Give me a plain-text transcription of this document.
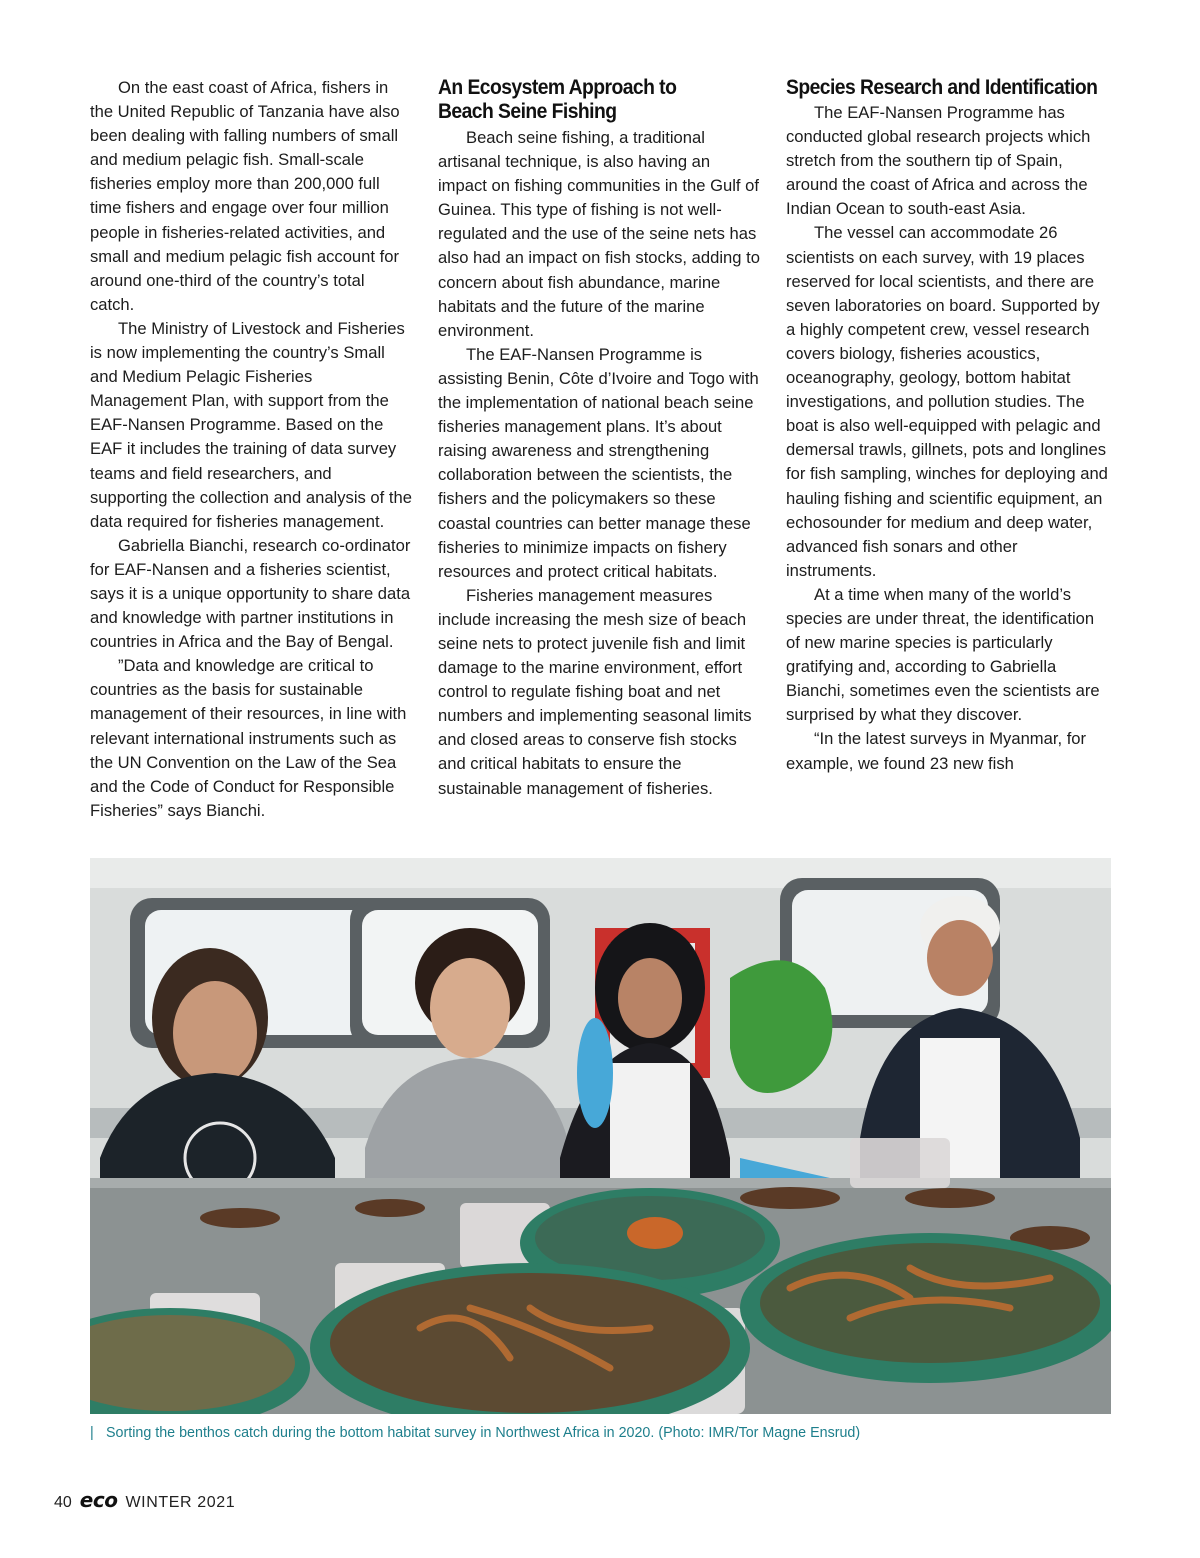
On the east coast of Africa, fishers in the United Republic of Tanzania have also been dealing with falling numbers of small and medium pelagic fish. Small-scale fisheries employ more than 200,000 full time fishers and engage over four million people in fisheries-related activities, and small and medium pelagic fish account for around one-third of the country’s total catch.

The Ministry of Livestock and Fisheries is now implementing the country’s Small and Medium Pelagic Fisheries Management Plan, with support from the EAF-Nansen Programme. Based on the EAF it includes the training of data survey teams and field researchers, and supporting the collection and analysis of the data required for fisheries management.

Gabriella Bianchi, research co-ordinator for EAF-Nansen and a fisheries scientist, says it is a unique opportunity to share data and knowledge with partner institutions in countries in Africa and the Bay of Bengal.

”Data and knowledge are critical to countries as the basis for sustainable management of their resources, in line with relevant international instruments such as the UN Convention on the Law of the Sea and the Code of Conduct for Responsible Fisheries” says Bianchi.

An Ecosystem Approach to Beach Seine Fishing

Beach seine fishing, a traditional artisanal technique, is also having an impact on fishing communities in the Gulf of Guinea. This type of fishing is not well-regulated and the use of the seine nets has also had an impact on fish stocks, adding to concern about fish abundance, marine habitats and the future of the marine environment.

The EAF-Nansen Programme is assisting Benin, Côte d’Ivoire and Togo with the implementation of national beach seine fisheries management plans. It’s about raising awareness and strengthening collaboration between the scientists, the fishers and the policymakers so these coastal countries can better manage these fisheries to minimize impacts on fishery resources and protect critical habitats.

Fisheries management measures include increasing the mesh size of beach seine nets to protect juvenile fish and limit damage to the marine environment, effort control to regulate fishing boat and net numbers and implementing seasonal limits and closed areas to conserve fish stocks and critical habitats to ensure the sustainable management of fisheries.

Species Research and Identification

The EAF-Nansen Programme has conducted global research projects which stretch from the southern tip of Spain, around the coast of Africa and across the Indian Ocean to south-east Asia.

The vessel can accommodate 26 scientists on each survey, with 19 places reserved for local scientists, and there are seven laboratories on board. Supported by a highly competent crew, vessel research covers biology, fisheries acoustics, oceanography, geology, bottom habitat investigations, and pollution studies. The boat is also well-equipped with pelagic and demersal trawls, gillnets, pots and longlines for fish sampling, winches for deploying and hauling fishing and scientific equipment, an echosounder for medium and deep water, advanced fish sonars and other instruments.

At a time when many of the world’s species are under threat, the identification of new marine species is particularly gratifying and, according to Gabriella Bianchi, sometimes even the scientists are surprised by what they discover.

“In the latest surveys in Myanmar, for example, we found 23 new fish

| Sorting the benthos catch during the bottom habitat survey in Northwest Africa in 2020. (Photo: IMR/Tor Magne Ensrud)
40 eco WINTER 2021
